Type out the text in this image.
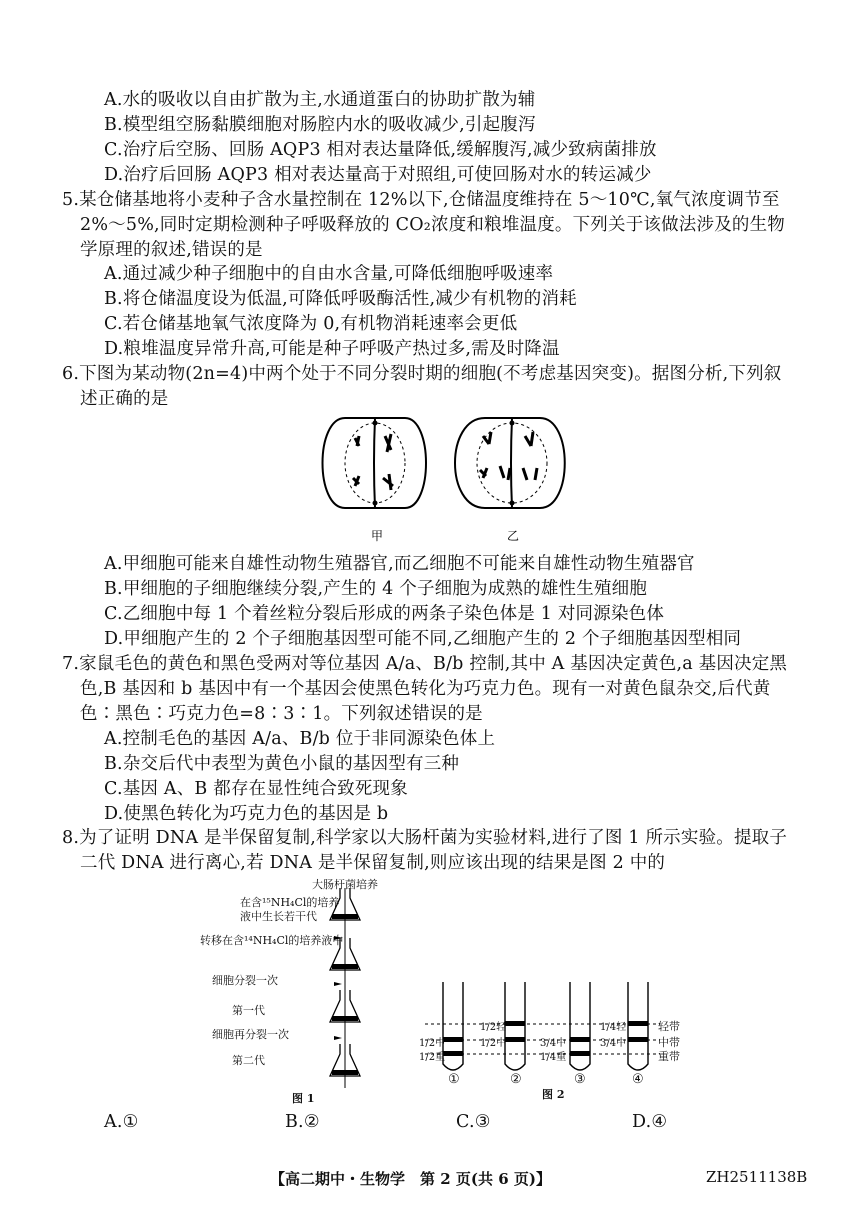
A.水的吸收以自由扩散为主,水通道蛋白的协助扩散为辅
B.模型组空肠黏膜细胞对肠腔内水的吸收减少,引起腹泻
C.治疗后空肠、回肠 AQP3 相对表达量降低,缓解腹泻,减少致病菌排放
D.治疗后回肠 AQP3 相对表达量高于对照组,可使回肠对水的转运减少
5.某仓储基地将小麦种子含水量控制在 12%以下,仓储温度维持在 5～10℃,氧气浓度调节至
2%～5%,同时定期检测种子呼吸释放的 CO₂浓度和粮堆温度。下列关于该做法涉及的生物
学原理的叙述,错误的是
A.通过减少种子细胞中的自由水含量,可降低细胞呼吸速率
B.将仓储温度设为低温,可降低呼吸酶活性,减少有机物的消耗
C.若仓储基地氧气浓度降为 0,有机物消耗速率会更低
D.粮堆温度异常升高,可能是种子呼吸产热过多,需及时降温
6.下图为某动物(2n=4)中两个处于不同分裂时期的细胞(不考虑基因突变)。据图分析,下列叙
述正确的是
甲	乙
A.甲细胞可能来自雄性动物生殖器官,而乙细胞不可能来自雄性动物生殖器官
B.甲细胞的子细胞继续分裂,产生的 4 个子细胞为成熟的雄性生殖细胞
C.乙细胞中每 1 个着丝粒分裂后形成的两条子染色体是 1 对同源染色体
D.甲细胞产生的 2 个子细胞基因型可能不同,乙细胞产生的 2 个子细胞基因型相同
7.家鼠毛色的黄色和黑色受两对等位基因 A/a、B/b 控制,其中 A 基因决定黄色,a 基因决定黑
色,B 基因和 b 基因中有一个基因会使黑色转化为巧克力色。现有一对黄色鼠杂交,后代黄
色∶黑色∶巧克力色=8∶3∶1。下列叙述错误的是
A.控制毛色的基因 A/a、B/b 位于非同源染色体上
B.杂交后代中表型为黄色小鼠的基因型有三种
C.基因 A、B 都存在显性纯合致死现象
D.使黑色转化为巧克力色的基因是 b
8.为了证明 DNA 是半保留复制,科学家以大肠杆菌为实验材料,进行了图 1 所示实验。提取子
二代 DNA 进行离心,若 DNA 是半保留复制,则应该出现的结果是图 2 中的
大肠杆菌培养
在含¹⁵NH₄Cl的培养
液中生长若干代
转移在含¹⁴NH₄Cl的培养液中
细胞分裂一次
第一代
细胞再分裂一次
第二代
图 1
1/2中
1/2重
1/2轻
1/2中	3/4中
1/4重
1/4轻
3/4中
轻带
中带
重带
①	②	③	④
图 2
A.①	B.②	C.③	D.④
【高二期中・生物学　第 2 页(共 6 页)】	ZH2511138B
